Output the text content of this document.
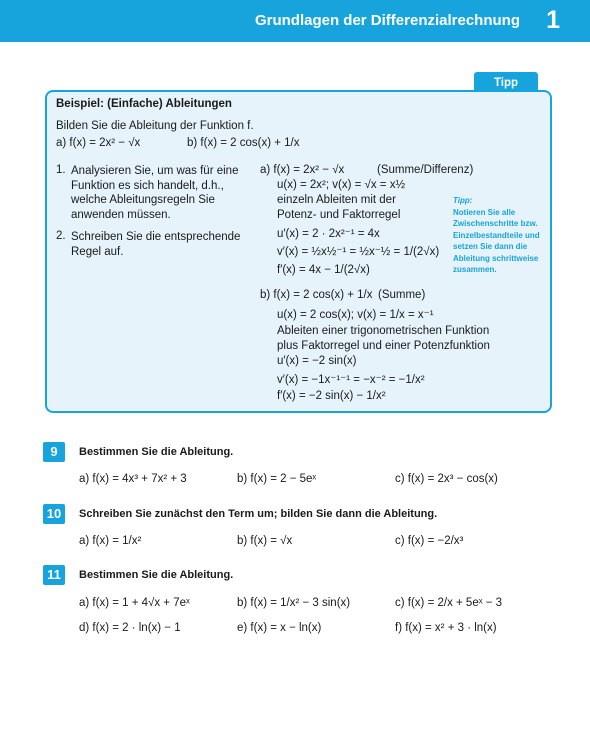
Grundlagen der Differenzialrechnung 1
Tipp
Beispiel: (Einfache) Ableitungen
Bilden Sie die Ableitung der Funktion f.
a) f(x) = 2x² − √x	b) f(x) = 2 cos(x) + 1/x
1. Analysieren Sie, um was für eine Funktion es sich handelt, d.h., welche Ableitungsregeln Sie anwenden müssen.
2. Schreiben Sie die entsprechende Regel auf.
a) f(x) = 2x² − √x	(Summe/Differenz)
u(x) = 2x²; v(x) = √x = x½
einzeln Ableiten mit der
Potenz- und Faktorregel
u′(x) = 2 · 2x²⁻¹ = 4x
v′(x) = ½x½⁻¹ = ½x⁻½ = 1/(2√x)
f′(x) = 4x − 1/(2√x)
Tipp:
Notieren Sie alle Zwischenschritte bzw. Einzelbestandteile und setzen Sie dann die Ableitung schrittweise zusammen.
b) f(x) = 2 cos(x) + 1/x (Summe)
u(x) = 2 cos(x); v(x) = 1/x = x⁻¹
Ableiten einer trigonometrischen Funktion
plus Faktorregel und einer Potenzfunktion
u′(x) = −2 sin(x)
v′(x) = −1x⁻¹⁻¹ = −x⁻² = −1/x²
f′(x) = −2 sin(x) − 1/x²
9	Bestimmen Sie die Ableitung.
a) f(x) = 4x³ + 7x² + 3	b) f(x) = 2 − 5eˣ	c) f(x) = 2x³ − cos(x)
10	Schreiben Sie zunächst den Term um; bilden Sie dann die Ableitung.
a) f(x) = 1/x²	b) f(x) = √x	c) f(x) = −2/x³
11	Bestimmen Sie die Ableitung.
a) f(x) = 1 + 4√x + 7eˣ	b) f(x) = 1/x² − 3 sin(x)	c) f(x) = 2/x + 5eˣ − 3
d) f(x) = 2 · ln(x) − 1	e) f(x) = x − ln(x)	f) f(x) = x² + 3 · ln(x)
